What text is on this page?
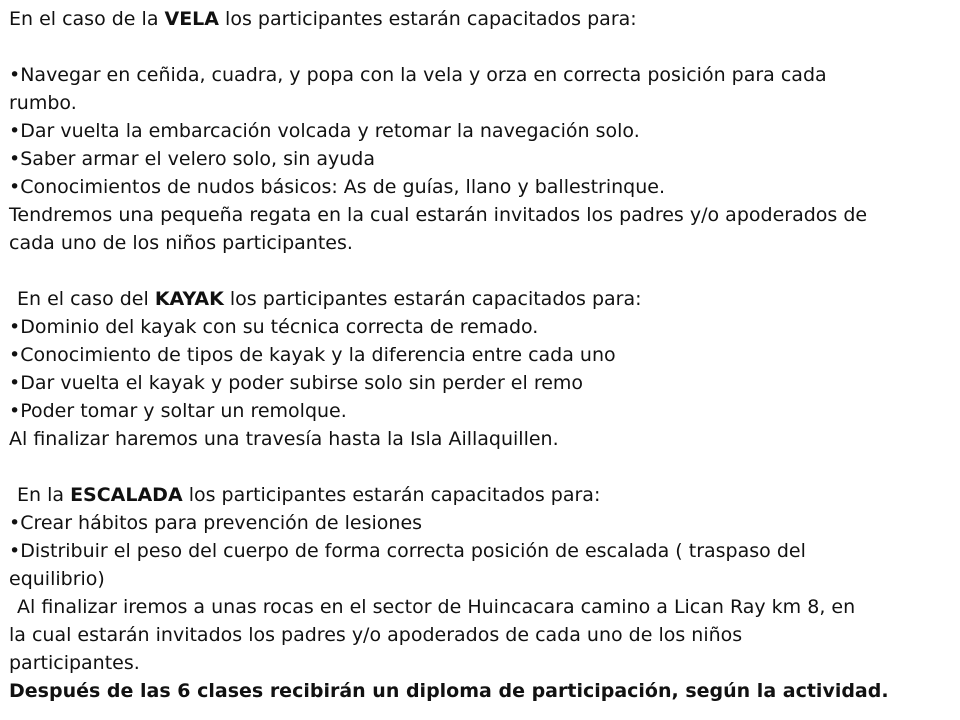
En el caso de la VELA los participantes estarán capacitados para:
•Navegar en ceñida, cuadra, y popa con la vela y orza en correcta posición para cada
rumbo.
•Dar vuelta la embarcación volcada y retomar la navegación solo.
•Saber armar el velero solo, sin ayuda
•Conocimientos de nudos básicos: As de guías, llano y ballestrinque.
Tendremos una pequeña regata en la cual estarán invitados los padres y/o apoderados de
cada uno de los niños participantes.
En el caso del KAYAK los participantes estarán capacitados para:
•Dominio del kayak con su técnica correcta de remado.
•Conocimiento de tipos de kayak y la diferencia entre cada uno
•Dar vuelta el kayak y poder subirse solo sin perder el remo
•Poder tomar y soltar un remolque.
Al finalizar haremos una travesía hasta la Isla Aillaquillen.
En la ESCALADA los participantes estarán capacitados para:
•Crear hábitos para prevención de lesiones
•Distribuir el peso del cuerpo de forma correcta posición de escalada ( traspaso del
equilibrio)
Al finalizar iremos a unas rocas en el sector de Huincacara camino a Lican Ray km 8, en
la cual estarán invitados los padres y/o apoderados de cada uno de los niños
participantes.
Después de las 6 clases recibirán un diploma de participación, según la actividad.
